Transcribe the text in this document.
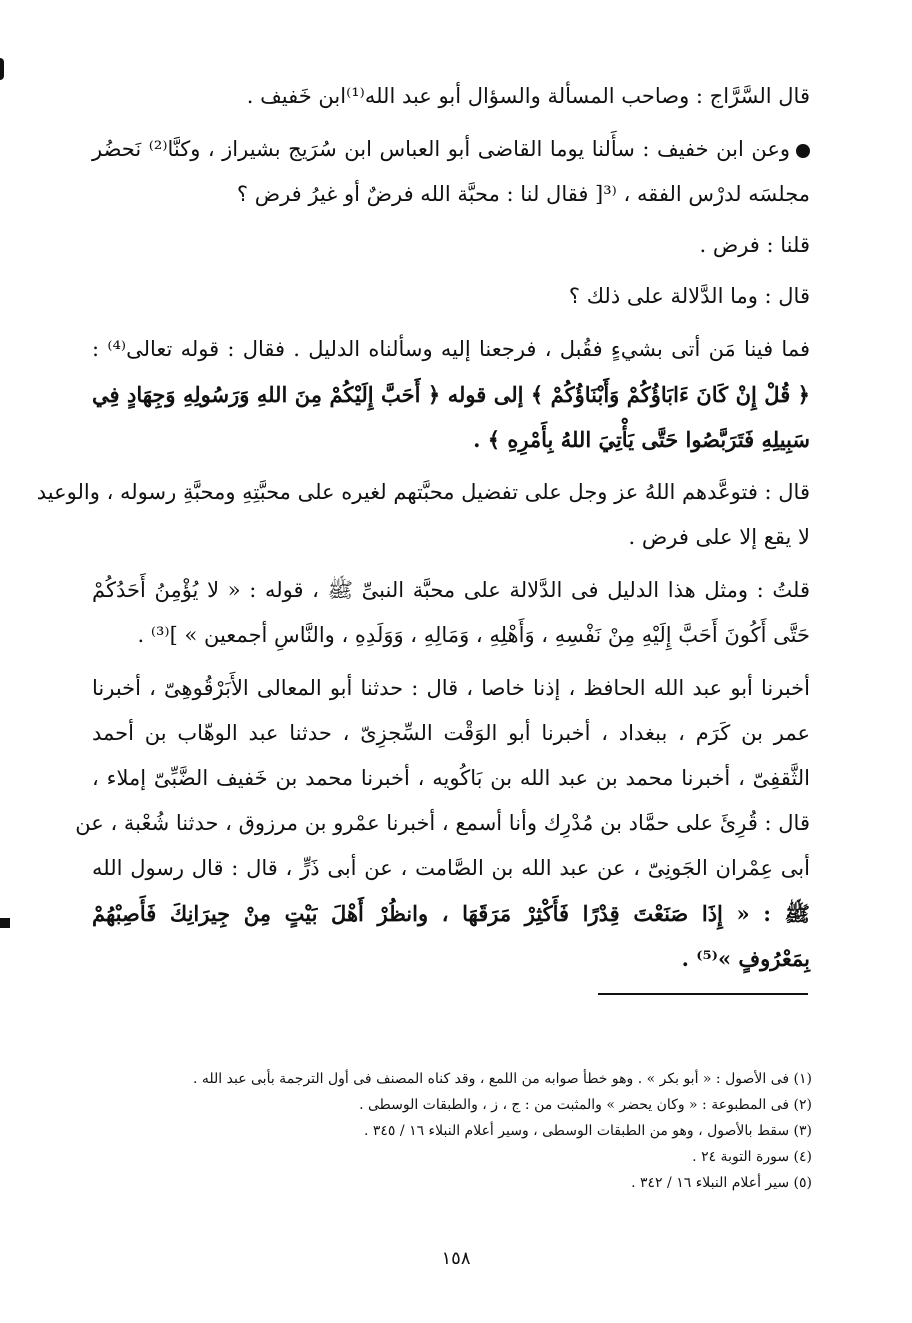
قال السَّرَّاج : وصاحب المسألة والسؤال أبو عبد الله⁽¹⁾ابن خَفيف .
وعن ابن خفيف : سأَلنا يوما القاضى أبو العباس ابن سُرَيج بشيراز ، وكنَّا⁽²⁾ نَحضُر
مجلسَه لدرْس الفقه ، ⁽³[ فقال لنا : محبَّة الله فرضٌ أو غيرُ فرض ؟
قلنا : فرض .
قال : وما الدَّلالة على ذلك ؟
فما فينا مَن أتى بشيءٍ فقُبل ، فرجعنا إليه وسألناه الدليل . فقال : قوله تعالى⁽⁴⁾ :
﴿ قُلْ إِنْ كَانَ ءَابَاؤُكُمْ وَأَبْنَاؤُكُمْ ﴾ إلى قوله ﴿ أَحَبَّ إِلَيْكُمْ مِنَ اللهِ وَرَسُولِهِ وَجِهَادٍ فِي
سَبِيلِهِ فَتَرَبَّصُوا حَتَّى يَأْتِيَ اللهُ بِأَمْرِهِ ﴾ .
قال : فتوعَّدهم اللهُ عز وجل على تفضيل محبَّتهم لغيره على محبَّتِهِ ومحبَّةِ رسوله ، والوعيد
لا يقع إلا على فرض .
قلتُ : ومثل هذا الدليل فى الدَّلالة على محبَّة النبىِّ ﷺ ، قوله : « لا يُؤْمِنُ أَحَدُكُمْ
حَتَّى أَكُونَ أَحَبَّ إِلَيْهِ مِنْ نَفْسِهِ ، وَأَهْلِهِ ، وَمَالِهِ ، وَوَلَدِهِ ، والنَّاسِ أجمعين » ]⁽³⁾ .
أخبرنا أبو عبد الله الحافظ ، إذنا خاصا ، قال : حدثنا أبو المعالى الأَبَرْقُوهِىّ ، أخبرنا
عمر بن كَرَم ، ببغداد ، أخبرنا أبو الوَقْت السِّجزِىّ ، حدثنا عبد الوهّاب بن أحمد
الثَّقفِىّ ، أخبرنا محمد بن عبد الله بن بَاكُويه ، أخبرنا محمد بن خَفيف الضَّبِّىّ إملاء ،
قال : قُرِئَ على حمَّاد بن مُدْرِك وأنا أسمع ، أخبرنا عمْرو بن مرزوق ، حدثنا شُعْبة ، عن
أبى عِمْران الجَونِىّ ، عن عبد الله بن الصَّامت ، عن أبى ذَرٍّ ، قال : قال رسول الله
ﷺ : « إِذَا صَنَعْتَ قِدْرًا فَأَكْثِرْ مَرَقَهَا ، وانظُرْ أَهْلَ بَيْتٍ مِنْ جِيرَانِكَ فَأَصِبْهُمْ
بِمَعْرُوفٍ »⁽⁵⁾ .
(١) فى الأصول : « أبو بكر » . وهو خطأ صوابه من اللمع ، وقد كناه المصنف فى أول الترجمة بأبى عبد الله .
(٢) فى المطبوعة : « وكان يحضر » والمثبت من : ج ، ز ، والطبقات الوسطى .
(٣) سقط بالأصول ، وهو من الطبقات الوسطى ، وسير أعلام النبلاء ١٦ / ٣٤٥ .
(٤) سورة التوبة ٢٤ .
(٥) سير أعلام النبلاء ١٦ / ٣٤٢ .
١٥٨
